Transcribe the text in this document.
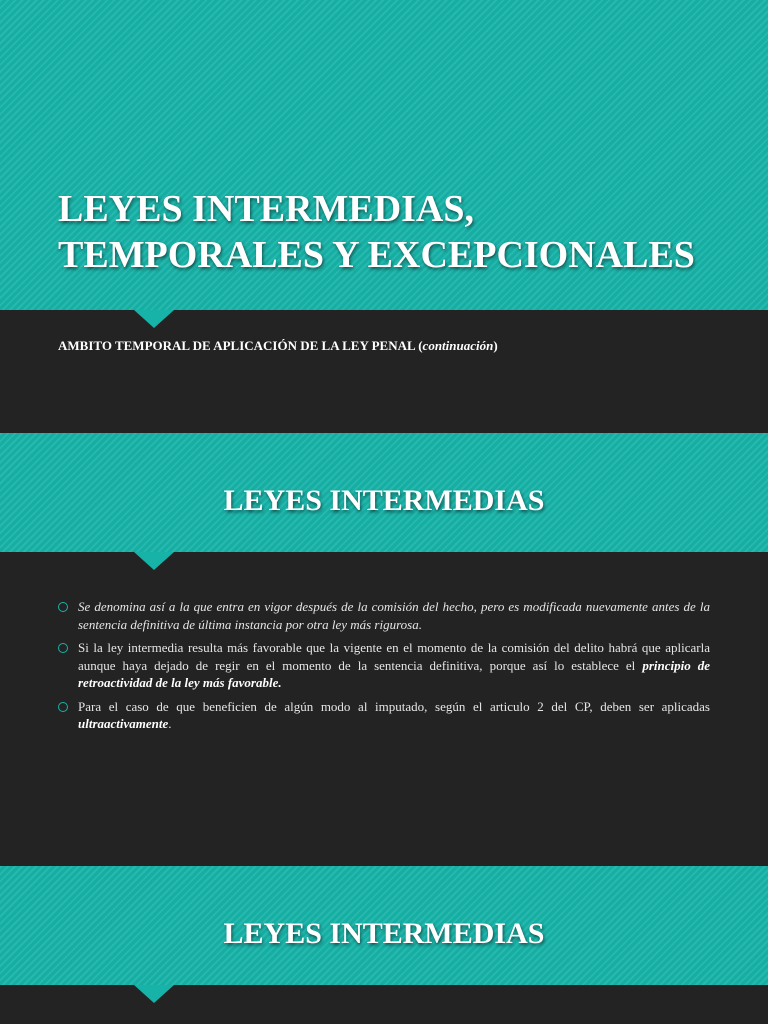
LEYES INTERMEDIAS,
TEMPORALES Y EXCEPCIONALES

AMBITO TEMPORAL DE APLICACIÓN DE LA LEY PENAL (continuación)

LEYES INTERMEDIAS
Se denomina así a la que entra en vigor después de la comisión del hecho, pero es modificada nuevamente antes de la sentencia definitiva de última instancia por otra ley más rigurosa.
Si la ley intermedia resulta más favorable que la vigente en el momento de la comisión del delito habrá que aplicarla aunque haya dejado de regir en el momento de la sentencia definitiva, porque así lo establece el principio de retroactividad de la ley más favorable.
Para el caso de que beneficien de algún modo al imputado, según el articulo 2 del CP, deben ser aplicadas ultraactivamente.
LEYES INTERMEDIAS
